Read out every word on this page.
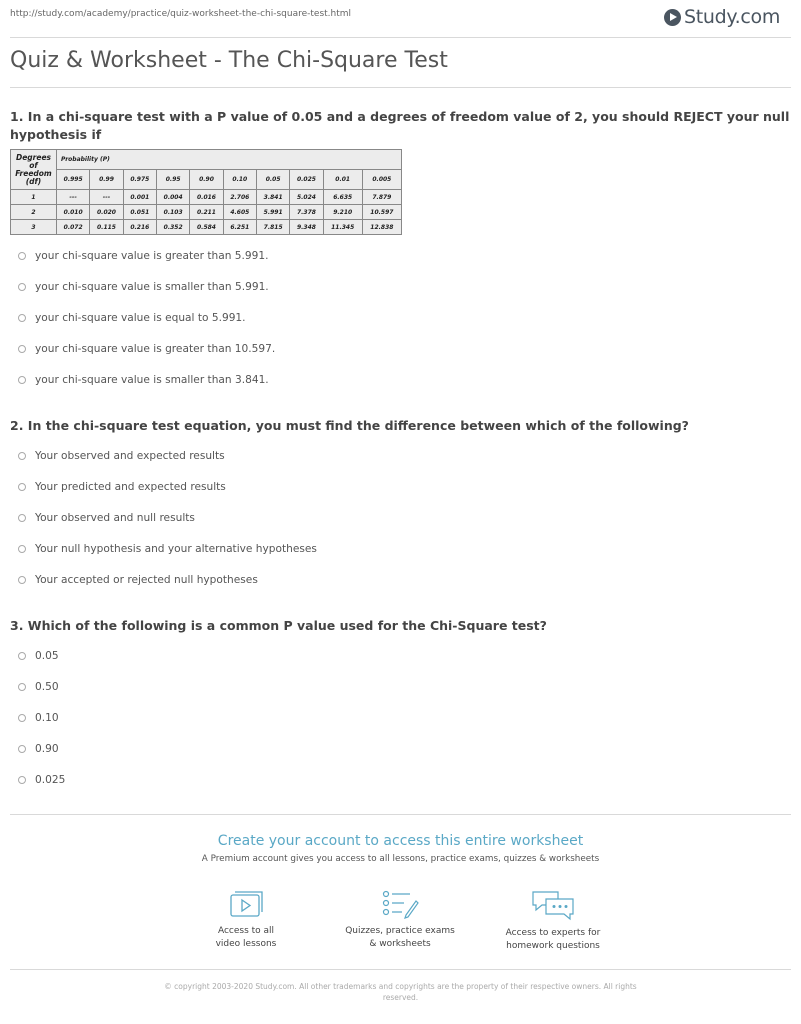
http://study.com/academy/practice/quiz-worksheet-the-chi-square-test.html	Study.com
Quiz & Worksheet - The Chi-Square Test
1. In a chi-square test with a P value of 0.05 and a degrees of freedom value of 2, you should REJECT your null hypothesis if
Degrees of Freedom (df)	Probability (P)									
	0.995	0.99	0.975	0.95	0.90	0.10	0.05	0.025	0.01	0.005
1	---	---	0.001	0.004	0.016	2.706	3.841	5.024	6.635	7.879
2	0.010	0.020	0.051	0.103	0.211	4.605	5.991	7.378	9.210	10.597
3	0.072	0.115	0.216	0.352	0.584	6.251	7.815	9.348	11.345	12.838
your chi-square value is greater than 5.991.
your chi-square value is smaller than 5.991.
your chi-square value is equal to 5.991.
your chi-square value is greater than 10.597.
your chi-square value is smaller than 3.841.
2. In the chi-square test equation, you must find the difference between which of the following?
Your observed and expected results
Your predicted and expected results
Your observed and null results
Your null hypothesis and your alternative hypotheses
Your accepted or rejected null hypotheses
3. Which of the following is a common P value used for the Chi-Square test?
0.05
0.50
0.10
0.90
0.025
Create your account to access this entire worksheet
A Premium account gives you access to all lessons, practice exams, quizzes & worksheets
Access to all
video lessons
Quizzes, practice exams
& worksheets
Access to experts for
homework questions
© copyright 2003-2020 Study.com. All other trademarks and copyrights are the property of their respective owners. All rights reserved.
